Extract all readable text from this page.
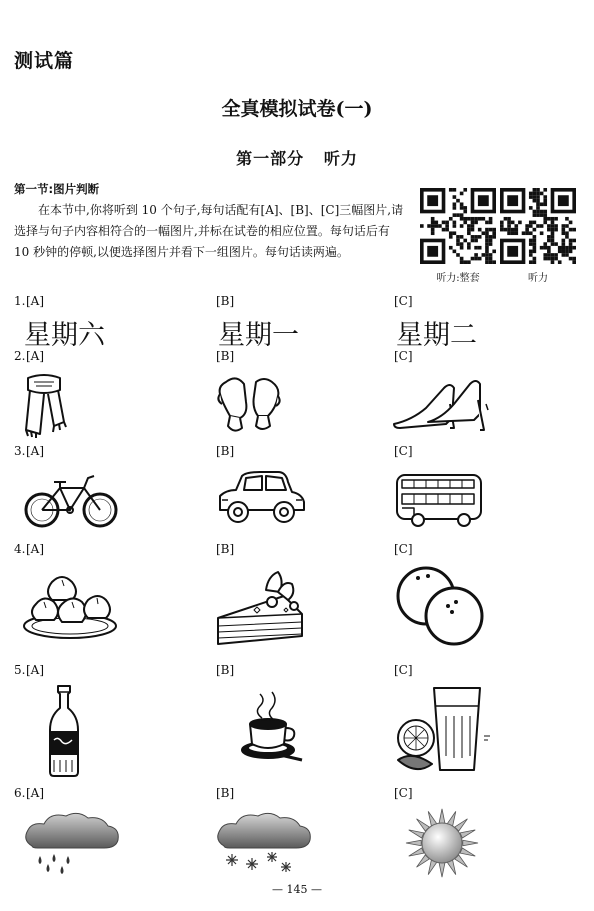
测试篇
全真模拟试卷(一)
第一部分   听力
第一节:图片判断
在本节中,你将听到 10 个句子,每句话配有[A]、[B]、[C]三幅图片,请选择与句子内容相符合的一幅图片,并标在试卷的相应位置。每句话后有 10 秒钟的停顿,以便选择图片并看下一组图片。每句话读两遍。
听力:整套	听力
1. [A]	[B]	[C]
星期六	星期一	星期二
2. [A]	[B]	[C]
3. [A]	[B]	[C]
4. [A]	[B]	[C]
5. [A]	[B]	[C]
6. [A]	[B]	[C]
— 145 —
